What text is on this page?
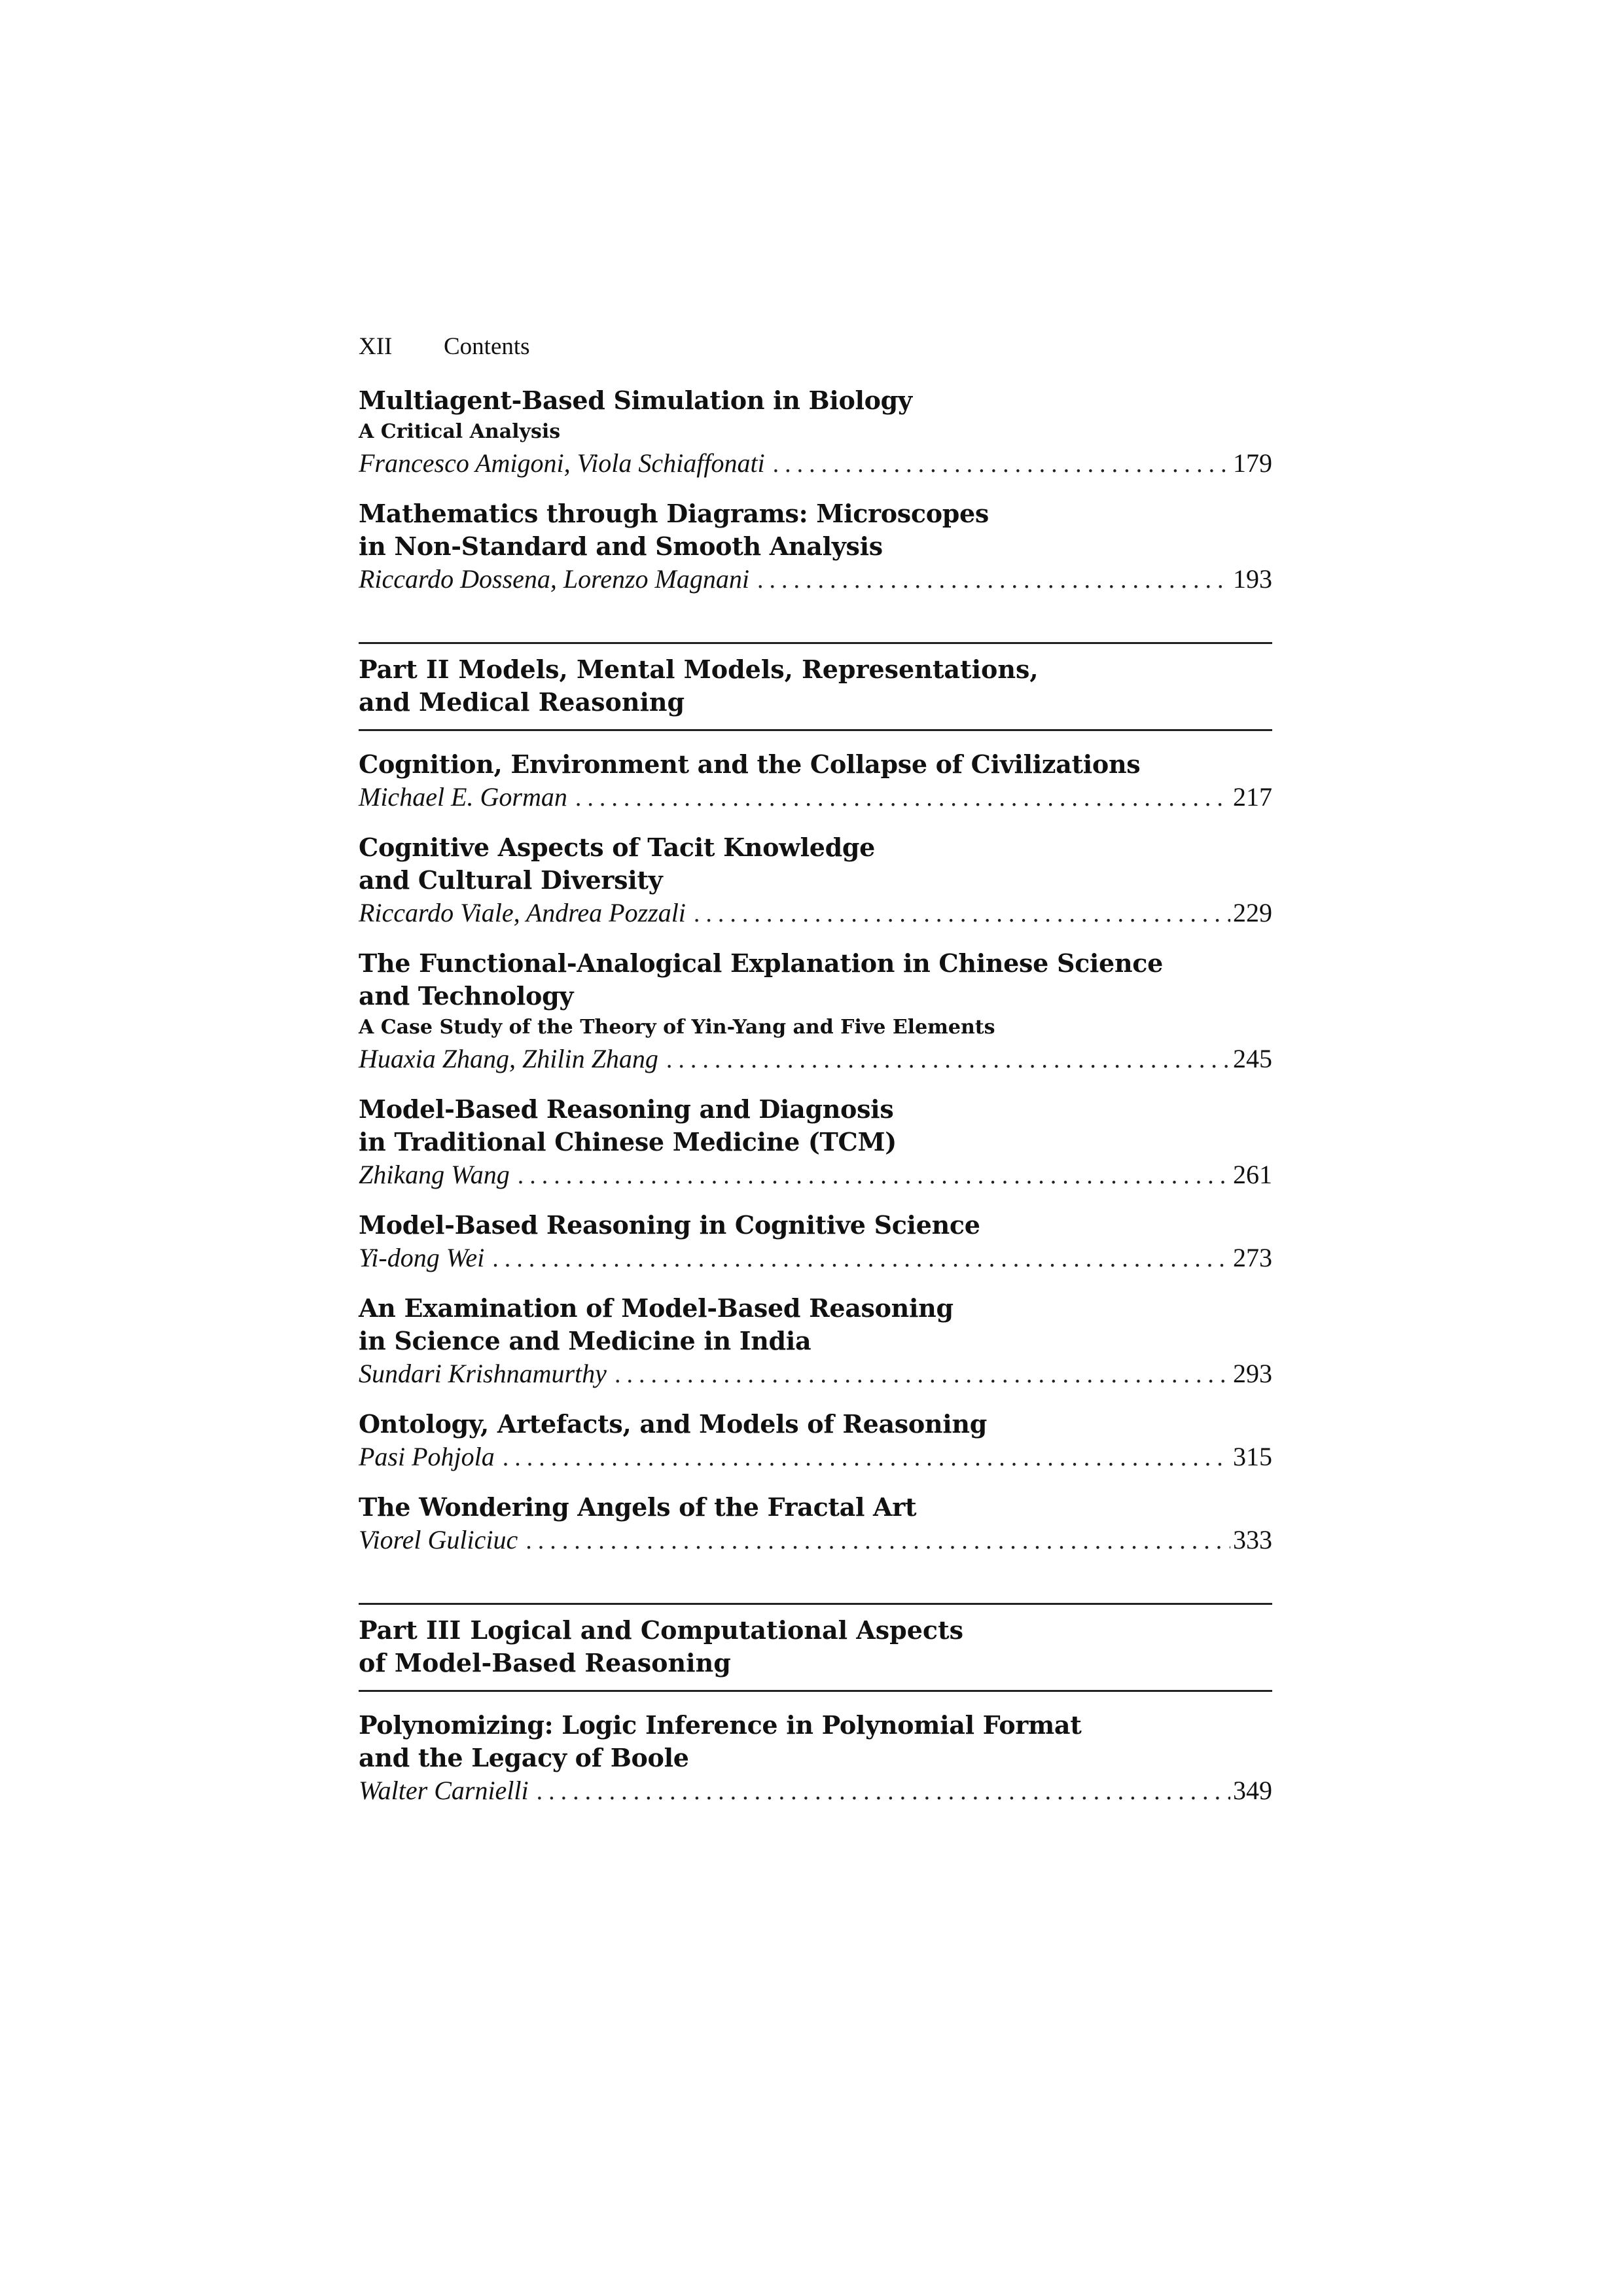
XII Contents
Multiagent-Based Simulation in Biology
A Critical Analysis
Francesco Amigoni, Viola Schiaffonati .....	179
Mathematics through Diagrams: Microscopes
in Non-Standard and Smooth Analysis
Riccardo Dossena, Lorenzo Magnani .....	193
Part II Models, Mental Models, Representations,
and Medical Reasoning
Cognition, Environment and the Collapse of Civilizations
Michael E. Gorman .....	217
Cognitive Aspects of Tacit Knowledge
and Cultural Diversity
Riccardo Viale, Andrea Pozzali .....	229
The Functional-Analogical Explanation in Chinese Science
and Technology
A Case Study of the Theory of Yin-Yang and Five Elements
Huaxia Zhang, Zhilin Zhang .....	245
Model-Based Reasoning and Diagnosis
in Traditional Chinese Medicine (TCM)
Zhikang Wang .....	261
Model-Based Reasoning in Cognitive Science
Yi-dong Wei .....	273
An Examination of Model-Based Reasoning
in Science and Medicine in India
Sundari Krishnamurthy .....	293
Ontology, Artefacts, and Models of Reasoning
Pasi Pohjola .....	315
The Wondering Angels of the Fractal Art
Viorel Guliciuc .....	333
Part III Logical and Computational Aspects
of Model-Based Reasoning
Polynomizing: Logic Inference in Polynomial Format
and the Legacy of Boole
Walter Carnielli .....	349
